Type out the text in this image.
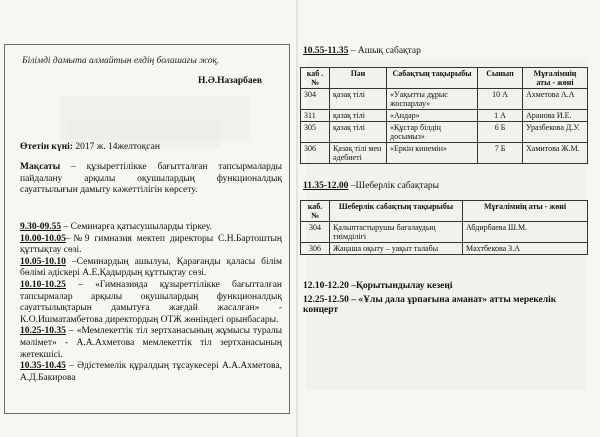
Білімді дамыта алмайтын елдің болашағы жоқ.
Н.Ә.Назарбаев
Өтетін күні: 2017 ж. 14желтоқсан
Мақсаты – құзыреттілікке бағытталған тапсырмаларды пайдалану арқылы оқушылардың функционалдық сауаттылығын дамыту кәжеттілігін көрсету.
9.30-09.55 – Семинарға қатысушыларды тіркеу.
10.00-10.05–№9 гимназия мектеп директоры С.Н.Бартоштың құттықтау сөзі.
10.05-10.10 –Семинардың ашылуы, Қарағанды қаласы білім бөлімі әдіскері А.Е.Қадырдың құттықтау сөзі.
10.10-10.25 – «Гимназияда құзыреттілікке бағытталған тапсырмалар арқылы оқушылардың функционалдық сауаттылықтарын дамытуға жағдай жасалған» - К.О.Ишматамбетова директордың ОТЖ жөніндегі орынбасары.
10.25-10.35 – «Мемлекеттік тіл зертханасының жұмысы туралы мәлімет» - А.А.Ахметова мемлекеттік тіл зертханасының жетекшісі.
10.35-10.45 – Әдістемелік құралдың тұсаукесері А.А.Ахметова, А.Д.Бакирова
10.55-11.35 – Ашық сабақтар
каб .№	Пән	Сабақтың тақырыбы	Сынып	Мұғалімнің аты - жөні
304	қазақ тілі	«Уақытты дұрыс жоспарлау»	10 А	Ахметова А.А
311	қазақ тілі	«Андар»	1 А	Аранова И.Е.
305	қазақ тілі	«Құстар білдің досымыз»	6 Б	Уразбекова Д.У.
306	Қазақ тілі мен әдебиеті	«Еркін кинемін»	7 Б	Хамитова Ж.М.
11.35-12.00 –Шеберлік сабақтары
каб. №	Шеберлік сабақтың тақырыбы	Мұғалімнің аты - жөні
304	Қалыптастырушы бағалаудың тиімділігі	Абдирбаева Ш.М.
306	Жаңаша оқыту – уақыт талабы	Махтбекова З.А
12.10-12.20 –Қорытындылау кезеңі
12.25-12.50 – «Ұлы дала ұрпағына аманат» атты мерекелік концерт
